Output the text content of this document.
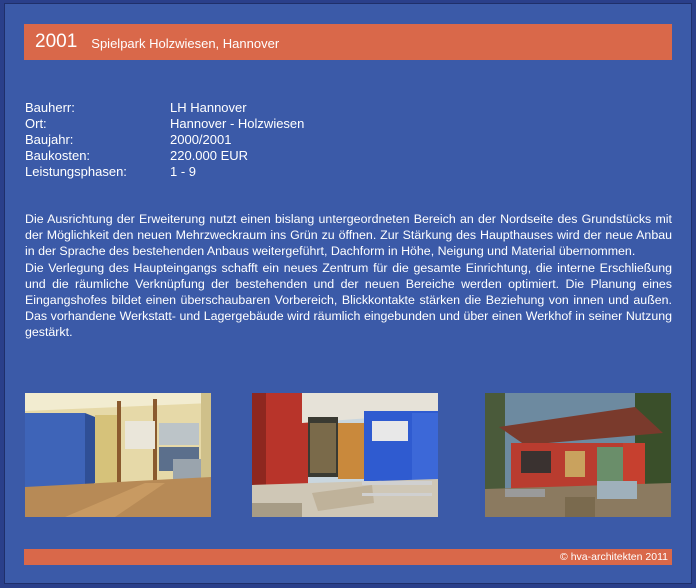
2001 Spielpark Holzwiesen, Hannover
Bauherr:	LH Hannover
Ort:	Hannover - Holzwiesen
Baujahr:	2000/2001
Baukosten:	220.000 EUR
Leistungsphasen:	1 - 9

Die Ausrichtung der Erweiterung nutzt einen bislang untergeordneten Bereich an der Nordseite des Grundstücks mit der Möglichkeit den neuen Mehrzweckraum ins Grün zu öffnen. Zur Stärkung des Haupthauses wird der neue Anbau in der Sprache des bestehenden Anbaus weitergeführt, Dachform in Höhe, Neigung und Material übernommen.

Die Verlegung des Haupteingangs schafft ein neues Zentrum für die gesamte Einrichtung, die interne Erschließung und die räumliche Verknüpfung der bestehenden und der neuen Bereiche werden optimiert. Die Planung eines Eingangshofes bildet einen überschaubaren Vorbereich, Blickkontakte stärken die Beziehung von innen und außen. Das vorhandene Werkstatt- und Lagergebäude wird räumlich eingebunden und über einen Werkhof in seiner Nutzung gestärkt.

© hva-architekten 2011
